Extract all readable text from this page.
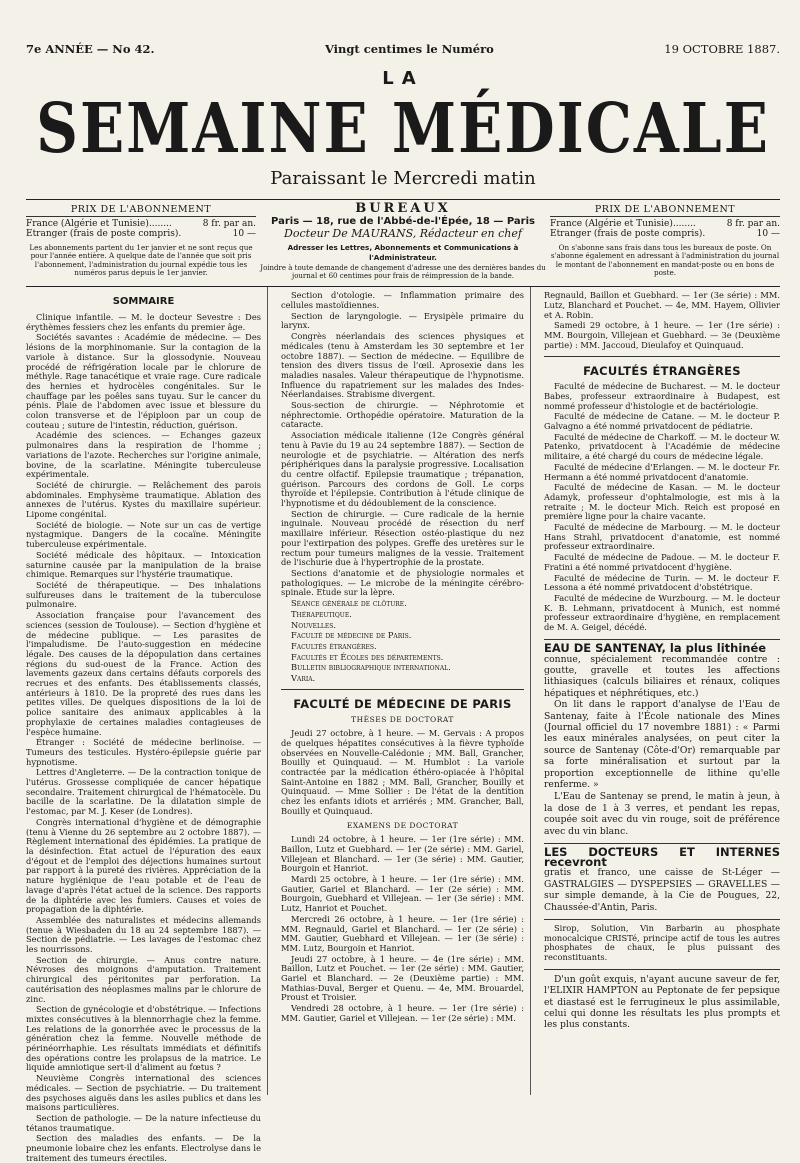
7e ANNÉE — No 42.	Vingt centimes le Numéro	19 OCTOBRE 1887.
LA
SEMAINE MÉDICALE
Paraissant le Mercredi matin
PRIX DE L'ABONNEMENT
France (Algérie et Tunisie)........	8 fr. par an.
Etranger (frais de poste compris).	10 —
Les abonnements partent du 1er janvier et ne sont reçus que pour l'année entière. A quelque date de l'année que soit pris l'abonnement, l'administration du journal expédie tous les numéros parus depuis le 1er janvier.
BUREAUX
Paris — 18, rue de l'Abbé-de-l'Épée, 18 — Paris
Docteur De MAURANS, Rédacteur en chef
Adresser les Lettres, Abonnements et Communications à l'Administrateur.
Joindre à toute demande de changement d'adresse une des dernières bandes du journal et 60 centimes pour frais de réimpression de la bande.
PRIX DE L'ABONNEMENT
France (Algérie et Tunisie)........	8 fr. par an.
Etranger (frais de poste compris).	10 —
On s'abonne sans frais dans tous les bureaux de poste. On s'abonne également en adressant à l'administration du journal le montant de l'abonnement en mandat-poste ou en bons de poste.
SOMMAIRE

Clinique infantile. — M. le docteur Sevestre : Des érythèmes fessiers chez les enfants du premier âge.

Sociétés savantes : Académie de médecine. — Des lésions de la morphinomanie. Sur la contagion de la variole à distance. Sur la glossodynie. Nouveau procédé de réfrigération locale par le chlorure de méthyle. Rage tanacétique et vraie rage. Cure radicale des hernies et hydrocèles congénitales. Sur le chauffage par les poêles sans tuyau. Sur le cancer du pénis. Plaie de l'abdomen avec issue et blessure du colon transverse et de l'épiploon par un coup de couteau ; suture de l'intestin, réduction, guérison.

Académie des sciences. — Echanges gazeux pulmonaires dans la respiration de l'homme ; variations de l'azote. Recherches sur l'origine animale, bovine, de la scarlatine. Méningite tuberculeuse expérimentale.

Société de chirurgie. — Relâchement des parois abdominales. Emphysème traumatique. Ablation des annexes de l'utérus. Kystes du maxillaire supérieur. Lipome congénital.

Société de biologie. — Note sur un cas de vertige nystagmique. Dangers de la cocaïne. Méningite tuberculeuse expérimentale.

Société médicale des hôpitaux. — Intoxication saturnine causée par la manipulation de la braise chimique. Remarques sur l'hystérie traumatique.

Société de thérapeutique. — Des inhalations sulfureuses dans le traitement de la tuberculose pulmonaire.

Association française pour l'avancement des sciences (session de Toulouse). — Section d'hygiène et de médecine publique. — Les parasites de l'impaludisme. De l'auto-suggestion en médecine légale. Des causes de la dépopulation dans certaines régions du sud-ouest de la France. Action des lavements gazeux dans certains défauts corporels des recrues et des enfants. Des établissements classés, antérieurs à 1810. De la propreté des rues dans les petites villes. De quelques dispositions de la loi de police sanitaire des animaux applicables à la prophylaxie de certaines maladies contagieuses de l'espèce humaine.

Étranger : Société de médecine berlinoise. — Tumeurs des testicules. Hystéro-épilepsie guérie par hypnotisme.

Lettres d'Angleterre. — De la contraction tonique de l'utérus. Grossesse compliquée de cancer hépatique secondaire. Traitement chirurgical de l'hématocèle. Du bacille de la scarlatine. De la dilatation simple de l'estomac, par M. J. Keser (de Londres).

Congrès international d'hygiène et de démographie (tenu à Vienne du 26 septembre au 2 octobre 1887). — Règlement international des épidémies. La pratique de la désinfection. État actuel de l'épuration des eaux d'égout et de l'emploi des déjections humaines surtout par rapport à la pureté des rivières. Appréciation de la nature hygiénique de l'eau potable et de l'eau de lavage d'après l'état actuel de la science. Des rapports de la diphtérie avec les fumiers. Causes et voies de propagation de la diphtérie.

Assemblée des naturalistes et médecins allemands (tenue à Wiesbaden du 18 au 24 septembre 1887). — Section de pédiatrie. — Les lavages de l'estomac chez les nourrissons.

Section de chirurgie. — Anus contre nature. Névroses des moignons d'amputation. Traitement chirurgical des péritonites par perforation. La cautérisation des néoplasmes malins par le chlorure de zinc.

Section de gynécologie et d'obstétrique. — Infections mixtes consécutives à la blennorrhagie chez la femme. Les relations de la gonorrhée avec le processus de la génération chez la femme. Nouvelle méthode de périnéorrhaphie. Les résultats immédiats et définitifs des opérations contre les prolapsus de la matrice. Le liquide amniotique sert-il d'aliment au fœtus ?

Neuvième Congrès international des sciences médicales. — Section de psychiatrie. — Du traitement des psychoses aiguës dans les asiles publics et dans les maisons particulières.

Section de pathologie. — De la nature infectieuse du tétanos traumatique.

Section des maladies des enfants. — De la pneumonie lobaire chez les enfants. Electrolyse dans le traitement des tumeurs érectiles.

Section d'otologie. — Inflammation primaire des cellules mastoïdiennes.

Section de laryngologie. — Erysipèle primaire du larynx.

Congrès néerlandais des sciences physiques et médicales (tenu à Amsterdam les 30 septembre et 1er octobre 1887). — Section de médecine. — Equilibre de tension des divers tissus de l'œil. Aprosexie dans les maladies nasales. Valeur thérapeutique de l'hypnotisme. Influence du rapatriement sur les malades des Indes-Néerlandaises. Strabisme divergent.

Sous-section de chirurgie. — Néphrotomie et néphrectomie. Orthopédie opératoire. Maturation de la cataracte.

Association médicale italienne (12e Congrès général tenu à Pavie du 19 au 24 septembre 1887). — Section de neurologie et de psychiatrie. — Altération des nerfs périphériques dans la paralysie progressive. Localisation du centre olfactif. Epilepsie traumatique ; trépanation, guérison. Parcours des cordons de Goll. Le corps thyroïde et l'épilepsie. Contribution à l'étude clinique de l'hypnotisme et du dédoublement de la conscience.

Section de chirurgie. — Cure radicale de la hernie inguinale. Nouveau procédé de résection du nerf maxillaire inférieur. Résection ostéo-plastique du nez pour l'extirpation des polypes. Greffe des uretères sur le rectum pour tumeurs malignes de la vessie. Traitement de l'ischurie due à l'hypertrophie de la prostate.

Sections d'anatomie et de physiologie normales et pathologiques. — Le microbe de la méningite cérébro-spinale. Etude sur la lèpre.

Séance générale de clôture.

Thérapeutique.

Nouvelles.

Faculté de médecine de Paris.

Facultés étrangères.

Facultés et Écoles des départements.

Bulletin bibliographique international.

Varia.

FACULTÉ DE MÉDECINE DE PARIS
THÈSES DE DOCTORAT

Jeudi 27 octobre, à 1 heure. — M. Gervais : A propos de quelques hépatites consécutives à la fièvre typhoïde observées en Nouvelle-Calédonie ; MM. Ball, Grancher, Bouilly et Quinquaud. — M. Humblot : La variole contractée par la médication éthéro-opiacée à l'hôpital Saint-Antoine en 1882 ; MM. Ball, Grancher, Bouilly et Quinquaud. — Mme Sollier : De l'état de la dentition chez les enfants idiots et arriérés ; MM. Grancher, Ball, Bouilly et Quinquaud.

EXAMENS DE DOCTORAT

Lundi 24 octobre, à 1 heure. — 1er (1re série) : MM. Baillon, Lutz et Guebhard. — 1er (2e série) : MM. Gariel, Villejean et Blanchard. — 1er (3e série) : MM. Gautier, Bourgoin et Hanriot.

Mardi 25 octobre, à 1 heure. — 1er (1re série) : MM. Gautier, Gariel et Blanchard. — 1er (2e série) : MM. Bourgoin, Guebhard et Villejean. — 1er (3e série) : MM. Lutz, Hanriot et Pouchet.

Mercredi 26 octobre, à 1 heure. — 1er (1re série) : MM. Regnauld, Gariel et Blanchard. — 1er (2e série) : MM. Gautier, Guebhard et Villejean. — 1er (3e série) : MM. Lutz, Bourgoin et Hanriot.

Jeudi 27 octobre, à 1 heure. — 4e (1re série) : MM. Baillon, Lutz et Pouchet. — 1er (2e série) : MM. Gautier, Gariel et Blanchard. — 2e (Deuxième partie) : MM. Mathias-Duval, Berger et Quenu. — 4e, MM. Brouardel, Proust et Troisier.

Vendredi 28 octobre, à 1 heure. — 1er (1re série) : MM. Gautier, Gariel et Villejean. — 1er (2e série) : MM.

Regnauld, Baillon et Guebhard. — 1er (3e série) : MM. Lutz, Blanchard et Pouchet. — 4e, MM. Hayem, Ollivier et A. Robin.

Samedi 29 octobre, à 1 heure. — 1er (1re série) : MM. Bourgoin, Villejean et Guebhard. — 3e (Deuxième partie) : MM. Jaccoud, Dieulafoy et Quinquaud.

FACULTÉS ÉTRANGÈRES

Faculté de médecine de Bucharest. — M. le docteur Babes, professeur extraordinaire à Budapest, est nommé professeur d'histologie et de bactériologie.

Faculté de médecine de Catane. — M. le docteur P. Galvagno a été nommé privatdocent de pédiatrie.

Faculté de médecine de Charkoff. — M. le docteur W. Patenko, privatdocent à l'Académie de médecine militaire, a été chargé du cours de médecine légale.

Faculté de médecine d'Erlangen. — M. le docteur Fr. Hermann a été nommé privatdocent d'anatomie.

Faculté de médecine de Kasan. — M. le docteur Adamyk, professeur d'ophtalmologie, est mis à la retraite ; M. le docteur Mich. Reich est proposé en première ligne pour la chaire vacante.

Faculté de médecine de Marbourg. — M. le docteur Hans Strahl, privatdocent d'anatomie, est nommé professeur extraordinaire.

Faculté de médecine de Padoue. — M. le docteur F. Fratini a été nommé privatdocent d'hygiène.

Faculté de médecine de Turin. — M. le docteur F. Lessona a été nommé privatdocent d'obstétrique.

Faculté de médecine de Wurzbourg. — M. le docteur K. B. Lehmann, privatdocent à Munich, est nommé professeur extraordinaire d'hygiène, en remplacement de M. A. Geigel, décédé.

EAU DE SANTENAY, la plus lithinée
connue, spécialement recommandée contre : goutte, gravelle et toutes les affections lithiasiques (calculs biliaires et rénaux, coliques hépatiques et néphrétiques, etc.)

On lit dans le rapport d'analyse de l'Eau de Santenay, faite à l'École nationale des Mines (Journal officiel du 17 novembre 1881) : « Parmi les eaux minérales analysées, on peut citer la source de Santenay (Côte-d'Or) remarquable par sa forte minéralisation et surtout par la proportion exceptionnelle de lithine qu'elle renferme. »

L'Eau de Santenay se prend, le matin à jeun, à la dose de 1 à 3 verres, et pendant les repas, coupée soit avec du vin rouge, soit de préférence avec du vin blanc.

LES DOCTEURS ET INTERNES recevront
gratis et franco, une caisse de St-Léger — GASTRALGIES — DYSPEPSIES — GRAVELLES — sur simple demande, à la Cie de Pougues, 22, Chaussée-d'Antin, Paris.

Sirop, Solution, Vin Barbarin au phosphate monocalcique CRISTé, principe actif de tous les autres phosphates de chaux, le plus puissant des reconstituants.

D'un goût exquis, n'ayant aucune saveur de fer, l'ELIXIR HAMPTON au Peptonate de fer pepsique et diastasé est le ferrugineux le plus assimilable, celui qui donne les résultats les plus prompts et les plus constants.
